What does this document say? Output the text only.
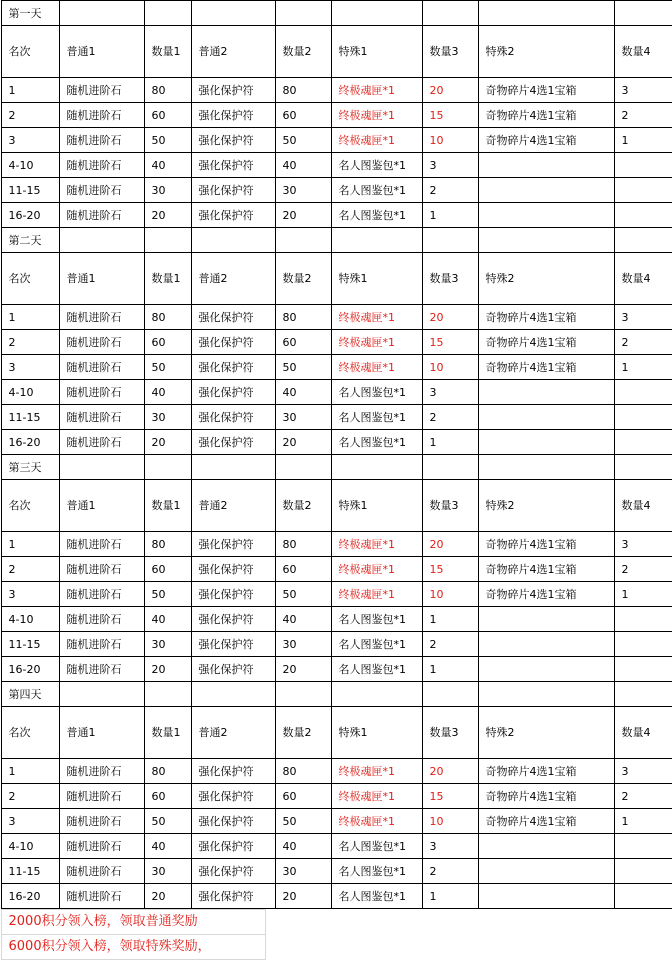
第一天								
名次	普通1	数量1	普通2	数量2	特殊1	数量3	特殊2	数量4
1	随机进阶石	80	强化保护符	80	终极魂匣*1	20	奇物碎片4选1宝箱	3
2	随机进阶石	60	强化保护符	60	终极魂匣*1	15	奇物碎片4选1宝箱	2
3	随机进阶石	50	强化保护符	50	终极魂匣*1	10	奇物碎片4选1宝箱	1
4-10	随机进阶石	40	强化保护符	40	名人图鉴包*1	3		
11-15	随机进阶石	30	强化保护符	30	名人图鉴包*1	2		
16-20	随机进阶石	20	强化保护符	20	名人图鉴包*1	1		
第二天								
名次	普通1	数量1	普通2	数量2	特殊1	数量3	特殊2	数量4
1	随机进阶石	80	强化保护符	80	终极魂匣*1	20	奇物碎片4选1宝箱	3
2	随机进阶石	60	强化保护符	60	终极魂匣*1	15	奇物碎片4选1宝箱	2
3	随机进阶石	50	强化保护符	50	终极魂匣*1	10	奇物碎片4选1宝箱	1
4-10	随机进阶石	40	强化保护符	40	名人图鉴包*1	3		
11-15	随机进阶石	30	强化保护符	30	名人图鉴包*1	2		
16-20	随机进阶石	20	强化保护符	20	名人图鉴包*1	1		
第三天								
名次	普通1	数量1	普通2	数量2	特殊1	数量3	特殊2	数量4
1	随机进阶石	80	强化保护符	80	终极魂匣*1	20	奇物碎片4选1宝箱	3
2	随机进阶石	60	强化保护符	60	终极魂匣*1	15	奇物碎片4选1宝箱	2
3	随机进阶石	50	强化保护符	50	终极魂匣*1	10	奇物碎片4选1宝箱	1
4-10	随机进阶石	40	强化保护符	40	名人图鉴包*1	1		
11-15	随机进阶石	30	强化保护符	30	名人图鉴包*1	2		
16-20	随机进阶石	20	强化保护符	20	名人图鉴包*1	1		
第四天								
名次	普通1	数量1	普通2	数量2	特殊1	数量3	特殊2	数量4
1	随机进阶石	80	强化保护符	80	终极魂匣*1	20	奇物碎片4选1宝箱	3
2	随机进阶石	60	强化保护符	60	终极魂匣*1	15	奇物碎片4选1宝箱	2
3	随机进阶石	50	强化保护符	50	终极魂匣*1	10	奇物碎片4选1宝箱	1
4-10	随机进阶石	40	强化保护符	40	名人图鉴包*1	3		
11-15	随机进阶石	30	强化保护符	30	名人图鉴包*1	2		
16-20	随机进阶石	20	强化保护符	20	名人图鉴包*1	1		
2000积分领入榜，领取普通奖励
6000积分领入榜，领取特殊奖励，
